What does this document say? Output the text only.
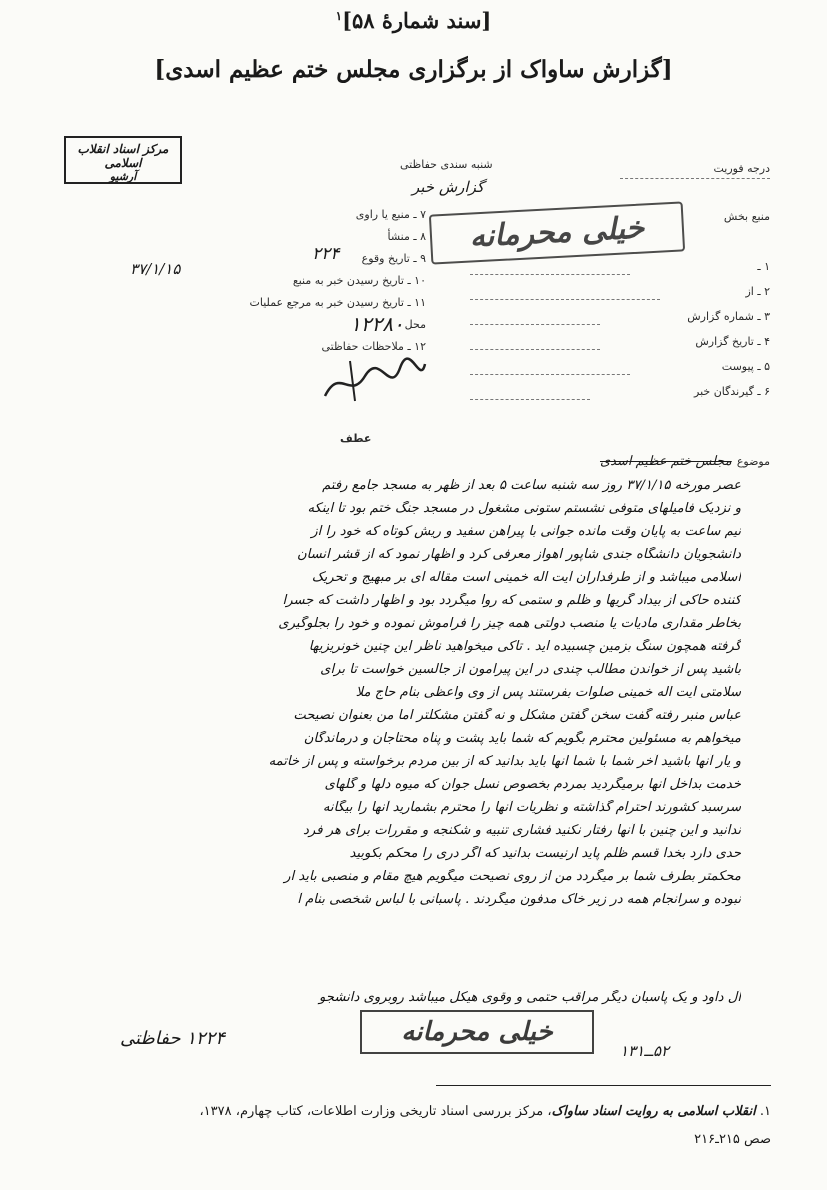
[سند شمارهٔ ۵۸]$^۱$
[گزارش ساواک از برگزاری مجلس ختم عظیم اسدی]
مرکز اسناد انقلاب اسلامی
آرشیو
درجه فوریت
شنبه سندی حفاظتی
گزارش خبر
منبع بخش
خیلی محرمانه
۱ ـ
۲ ـ از
۳ ـ شماره گزارش
۴ ـ تاریخ گزارش
۵ ـ پیوست
۶ ـ گیرندگان خبر
۷ ـ منبع یا راوی
۸ ـ منشأ
۹ ـ تاریخ وقوع
۱۰ ـ تاریخ رسیدن خبر به منبع
۱۱ ـ تاریخ رسیدن خبر به مرجع عملیات
محل
۱۲ ـ ملاحظات حفاظتی
۳۷/۱/۱۵
۲۲۴
۱۲۲۸۰
عطف
موضوع مجلس ختم عظیم اسدی
عصر مورخه ۳۷/۱/۱۵ روز سه شنبه ساعت ۵ بعد از ظهر به مسجد جامع رفتم
و نزدیک فامیلهای متوفی نشستم ستونی مشغول در مسجد جنگ ختم بود تا اینکه
نیم ساعت به پایان وقت مانده جوانی با پیراهن سفید و ریش کوتاه که خود را از
دانشجویان دانشگاه جندی شاپور اهواز معرفی کرد و اظهار نمود که از قشر انسان
اسلامی میباشد و از طرفداران آیت اله خمینی است مقاله ای بر مبهیج و تحریک
کننده حاکی از بیداد گریها و ظلم و ستمی که روا میگردد بود و اظهار داشت که جسرا
بخاطر مقداری مادیات یا منصب دولتی همه چیز را فراموش نموده و خود را بجلوگیری
گرفته همچون سنگ بزمین چسبیده اید . تاکی میخواهید ناظر این چنین خونریزیها
باشید پس از خواندن مطالب چندی در این پیرامون از جالسین خواست تا برای
سلامتی آیت اله خمینی صلوات بفرستند پس از وی واعظی بنام حاج ملا
عباس منبر رفته گفت سخن گفتن مشکل و نه گفتن مشکلتر اما من بعنوان نصیحت
میخواهم به مسئولین محترم بگویم که شما باید پشت و پناه محتاجان و درماندگان
و یار آنها باشید آخر شما با شما انها باید بدانید که از بین مردم برخواسته و پس از خاتمه
خدمت بداخل آنها برمیگردید بمردم بخصوص نسل جوان که میوه دلها و گلهای
سرسبد کشورند احترام گذاشته و نظریات آنها را محترم بشمارید آنها را بیگانه
ندانید و این چنین با آنها رفتار نکنید فشاری تنبیه و شکنجه و مقررات برای هر فرد
حدی دارد بخدا قسم ظلم پاید ارنیست بدانید که اگر دری را محکم بکوبید
محکمتر بطرف شما بر میگردد من از روی نصیحت میگویم هیچ مقام و منصبی باید ار
نبوده و سرانجام همه در زیر خاک مدفون میگردند . پاسبانی با لباس شخصی بنام آ
آل داود و یک پاسبان دیگر مراقب حتمی و وقوی هیکل میباشد روبروی دانشجو
خیلی محرمانه
۱۲۲۴ حفاظتی
۵۲ــ۱۳۱
۱. انقلاب اسلامی به روایت اسناد ساواک، مرکز بررسی اسناد تاریخی وزارت اطلاعات، کتاب چهارم، ۱۳۷۸،
صص ۲۱۵ـ۲۱۶
